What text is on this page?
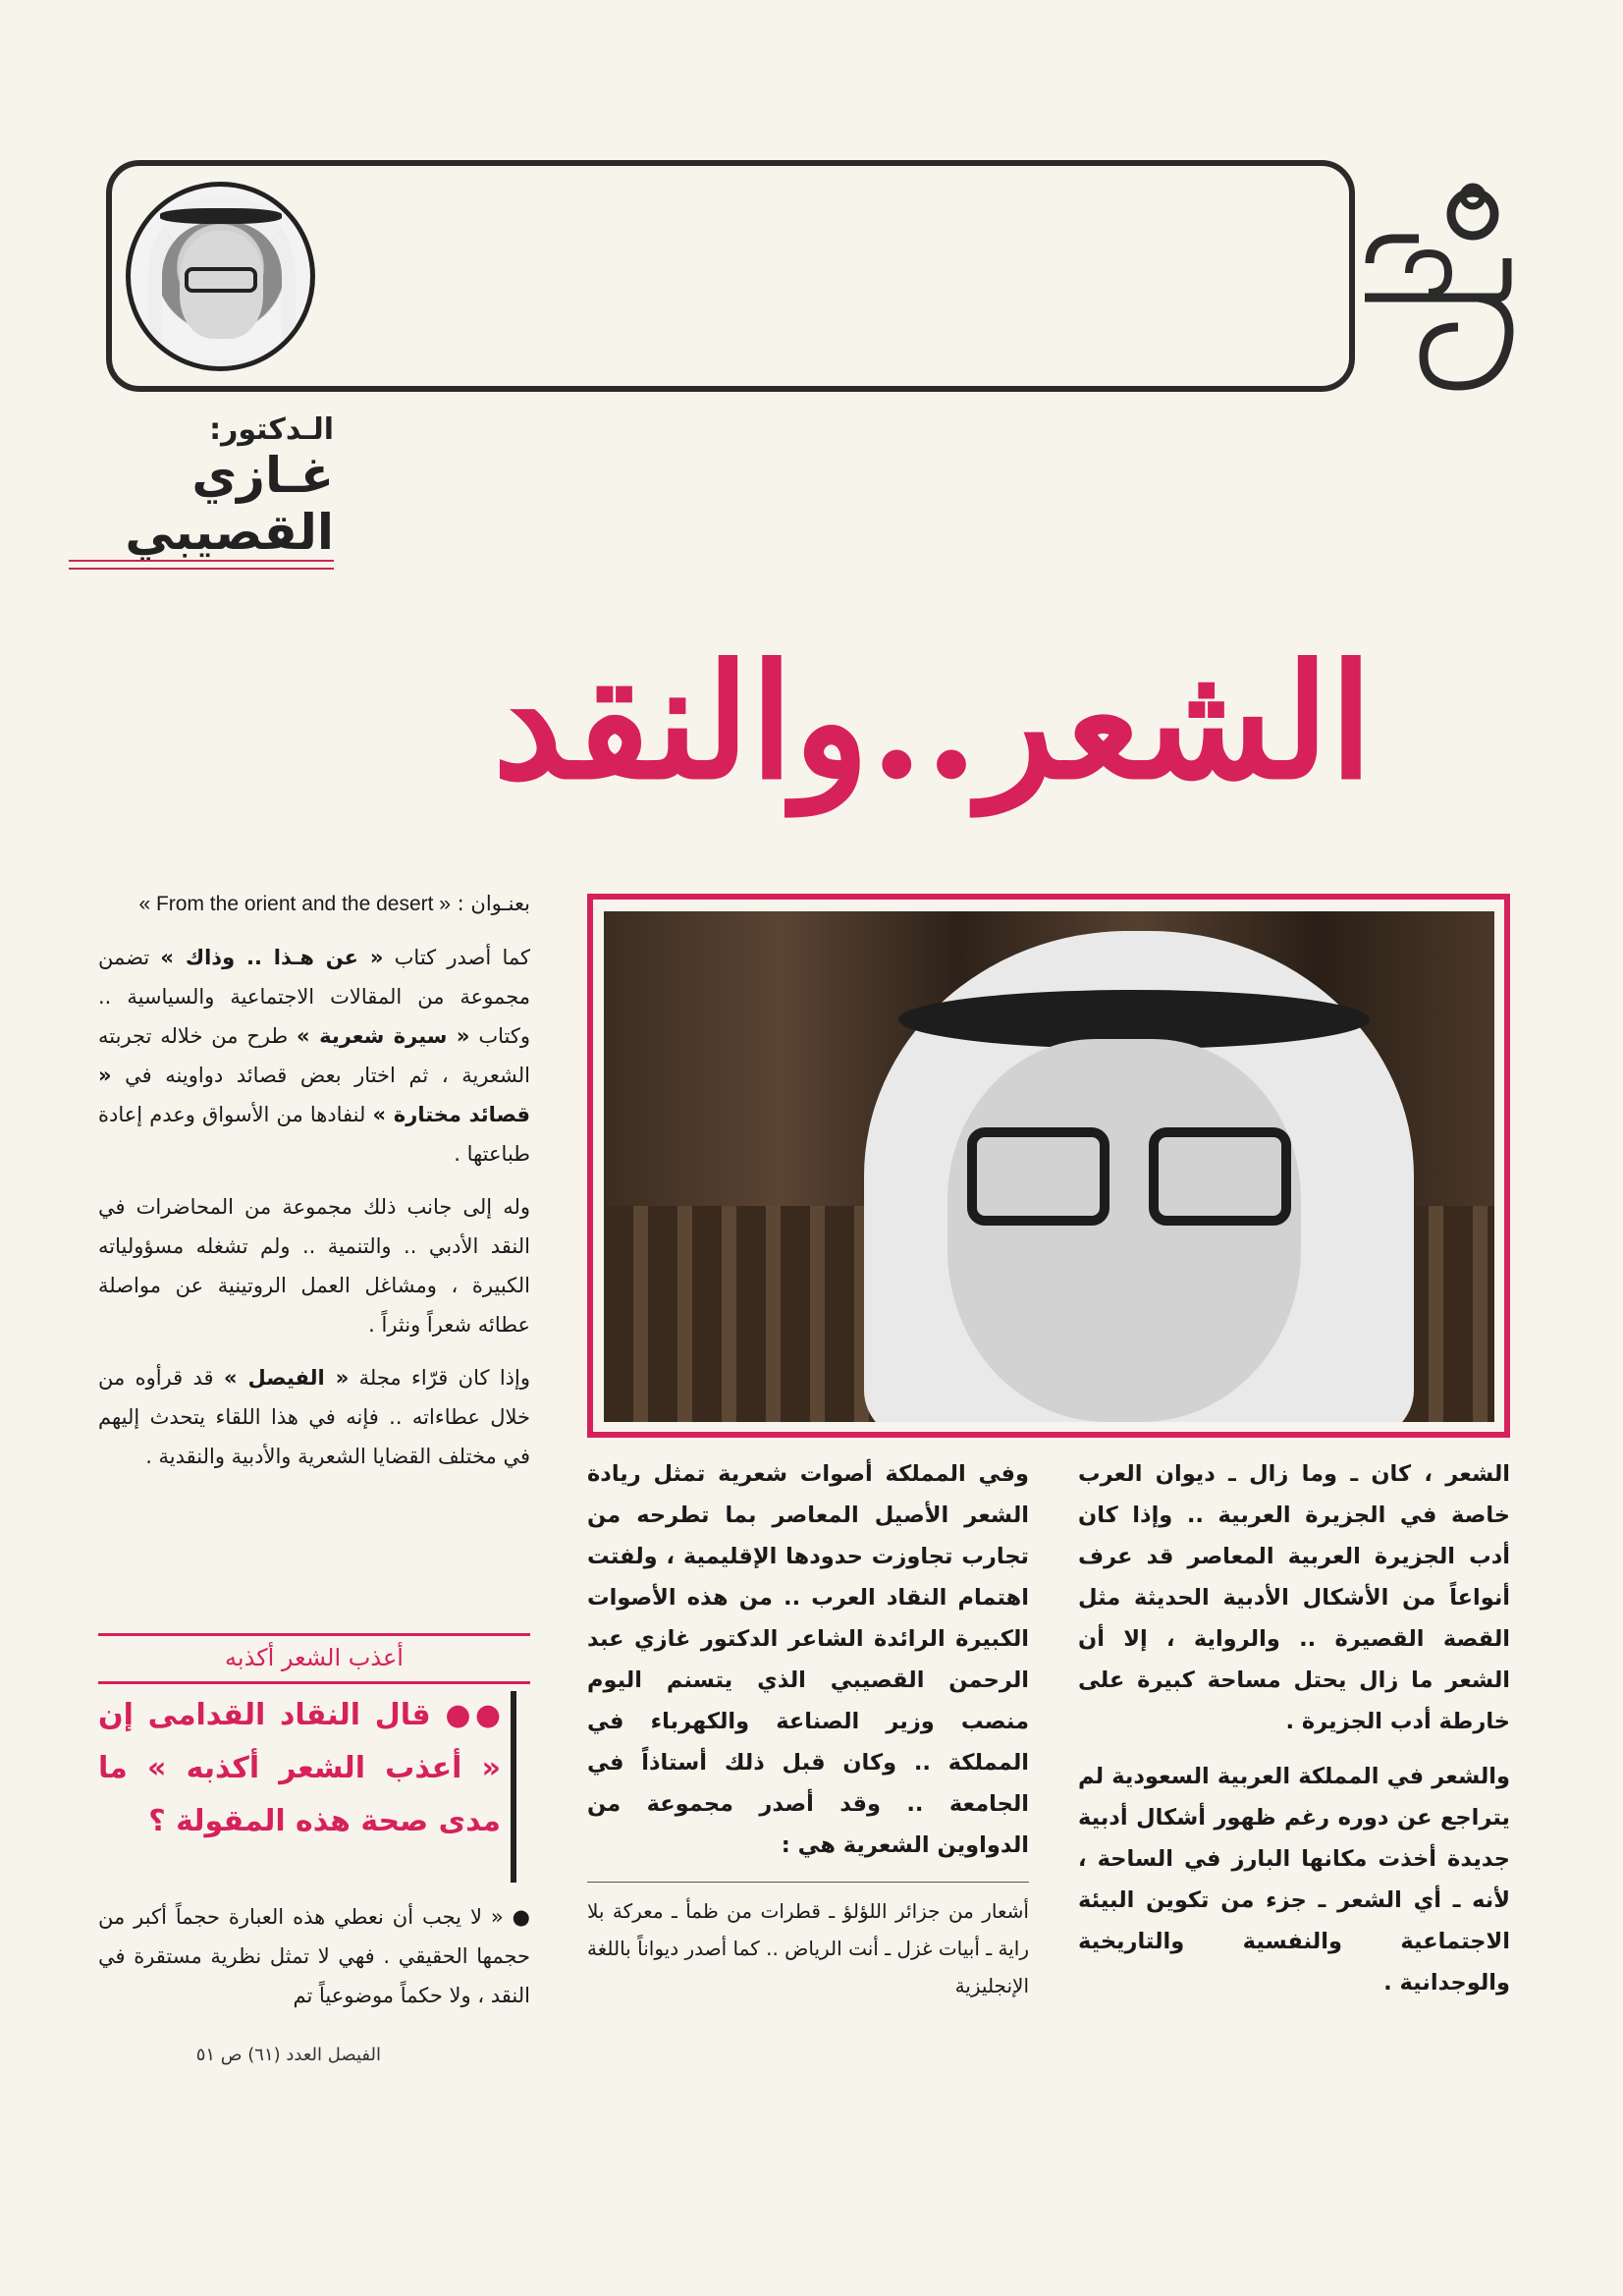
الـدكتور:
غـازي
القصيبي
الشعر..والنقد

الشعر ، كان ـ وما زال ـ ديوان العرب خاصة في الجزيرة العربية .. وإذا كان أدب الجزيرة العربية المعاصر قد عرف أنواعاً من الأشكال الأدبية الحديثة مثل القصة القصيرة .. والرواية ، إلا أن الشعر ما زال يحتل مساحة كبيرة على خارطة أدب الجزيرة .

والشعر في المملكة العربية السعودية لم يتراجع عن دوره رغم ظهور أشكال أدبية جديدة أخذت مكانها البارز في الساحة ، لأنه ـ أي الشعر ـ جزء من تكوين البيئة الاجتماعية والنفسية والتاريخية والوجدانية .

وفي المملكة أصوات شعرية تمثل ريادة الشعر الأصيل المعاصر بما تطرحه من تجارب تجاوزت حدودها الإقليمية ، ولفتت اهتمام النقاد العرب .. من هذه الأصوات الكبيرة الرائدة الشاعر الدكتور غازي عبد الرحمن القصيبي الذي يتسنم اليوم منصب وزير الصناعة والكهرباء في المملكة .. وكان قبل ذلك أستاذاً في الجامعة .. وقد أصدر مجموعة من الدواوين الشعرية هي :

أشعار من جزائر اللؤلؤ ـ قطرات من ظمأ ـ معركة بلا راية ـ أبيات غزل ـ أنت الرياض .. كما أصدر ديواناً باللغة الإنجليزية

بعنـوان : « From the orient and the desert »

كما أصدر كتاب « عن هـذا .. وذاك » تضمن مجموعة من المقالات الاجتماعية والسياسية .. وكتاب « سيرة شعرية » طرح من خلاله تجربته الشعرية ، ثم اختار بعض قصائد دواوينه في « قصائد مختارة » لنفادها من الأسواق وعدم إعادة طباعتها .

وله إلى جانب ذلك مجموعة من المحاضرات في النقد الأدبي .. والتنمية .. ولم تشغله مسؤولياته الكبيرة ، ومشاغل العمل الروتينية عن مواصلة عطائه شعراً ونثراً .

وإذا كان قرّاء مجلة « الفيصل » قد قرأوه من خلال عطاءاته .. فإنه في هذا اللقاء يتحدث إليهم في مختلف القضايا الشعرية والأدبية والنقدية .

أعذب الشعر أكذبه
●● قال النقاد القدامى إن « أعذب الشعر أكذبه » ما مدى صحة هذه المقولة ؟
● « لا يجب أن نعطي هذه العبارة حجماً أكبر من حجمها الحقيقي . فهي لا تمثل نظرية مستقرة في النقد ، ولا حكماً موضوعياً تم
الفيصل العدد (٦١) ص ٥١
